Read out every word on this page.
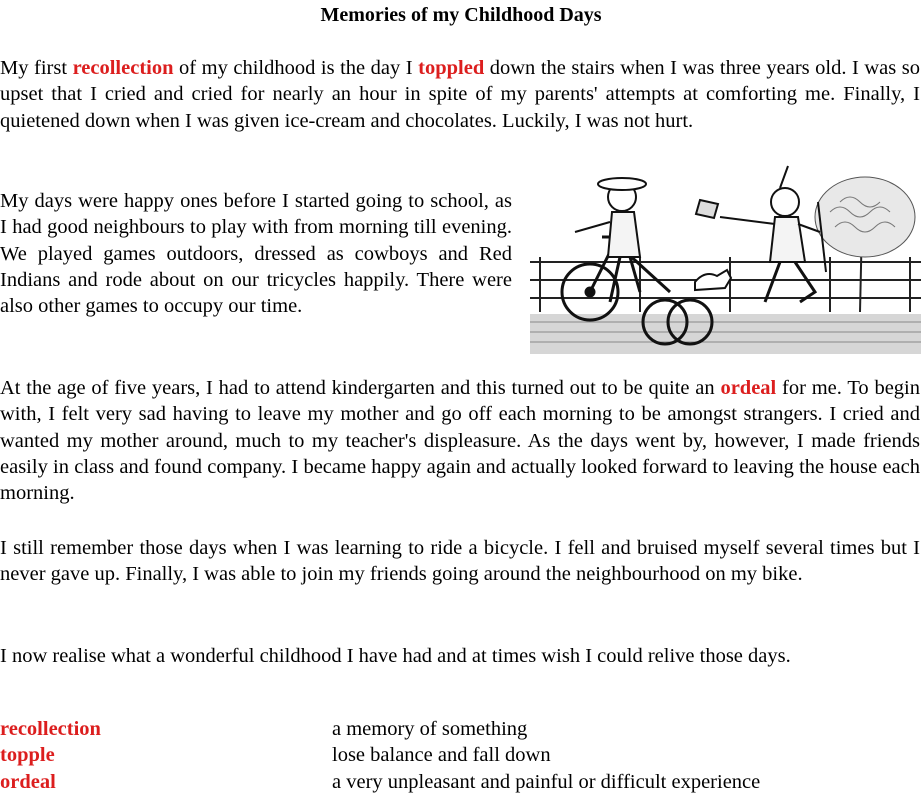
Memories of my Childhood Days

My first recollection of my childhood is the day I toppled down the stairs when I was three years old. I was so upset that I cried and cried for nearly an hour in spite of my parents' attempts at comforting me. Finally, I quietened down when I was given ice-cream and chocolates. Luckily, I was not hurt.

My days were happy ones before I started going to school, as I had good neighbours to play with from morning till evening. We played games outdoors, dressed as cowboys and Red Indians and rode about on our tricycles happily. There were also other games to occupy our time.

At the age of five years, I had to attend kindergarten and this turned out to be quite an ordeal for me. To begin with, I felt very sad having to leave my mother and go off each morning to be amongst strangers. I cried and wanted my mother around, much to my teacher's displeasure. As the days went by, however, I made friends easily in class and found company. I became happy again and actually looked forward to leaving the house each morning.

I still remember those days when I was learning to ride a bicycle. I fell and bruised myself several times but I never gave up. Finally, I was able to join my friends going around the neighbourhood on my bike.

I now realise what a wonderful childhood I have had and at times wish I could relive those days.

recollection	a memory of something
topple	lose balance and fall down
ordeal	a very unpleasant and painful or difficult experience
